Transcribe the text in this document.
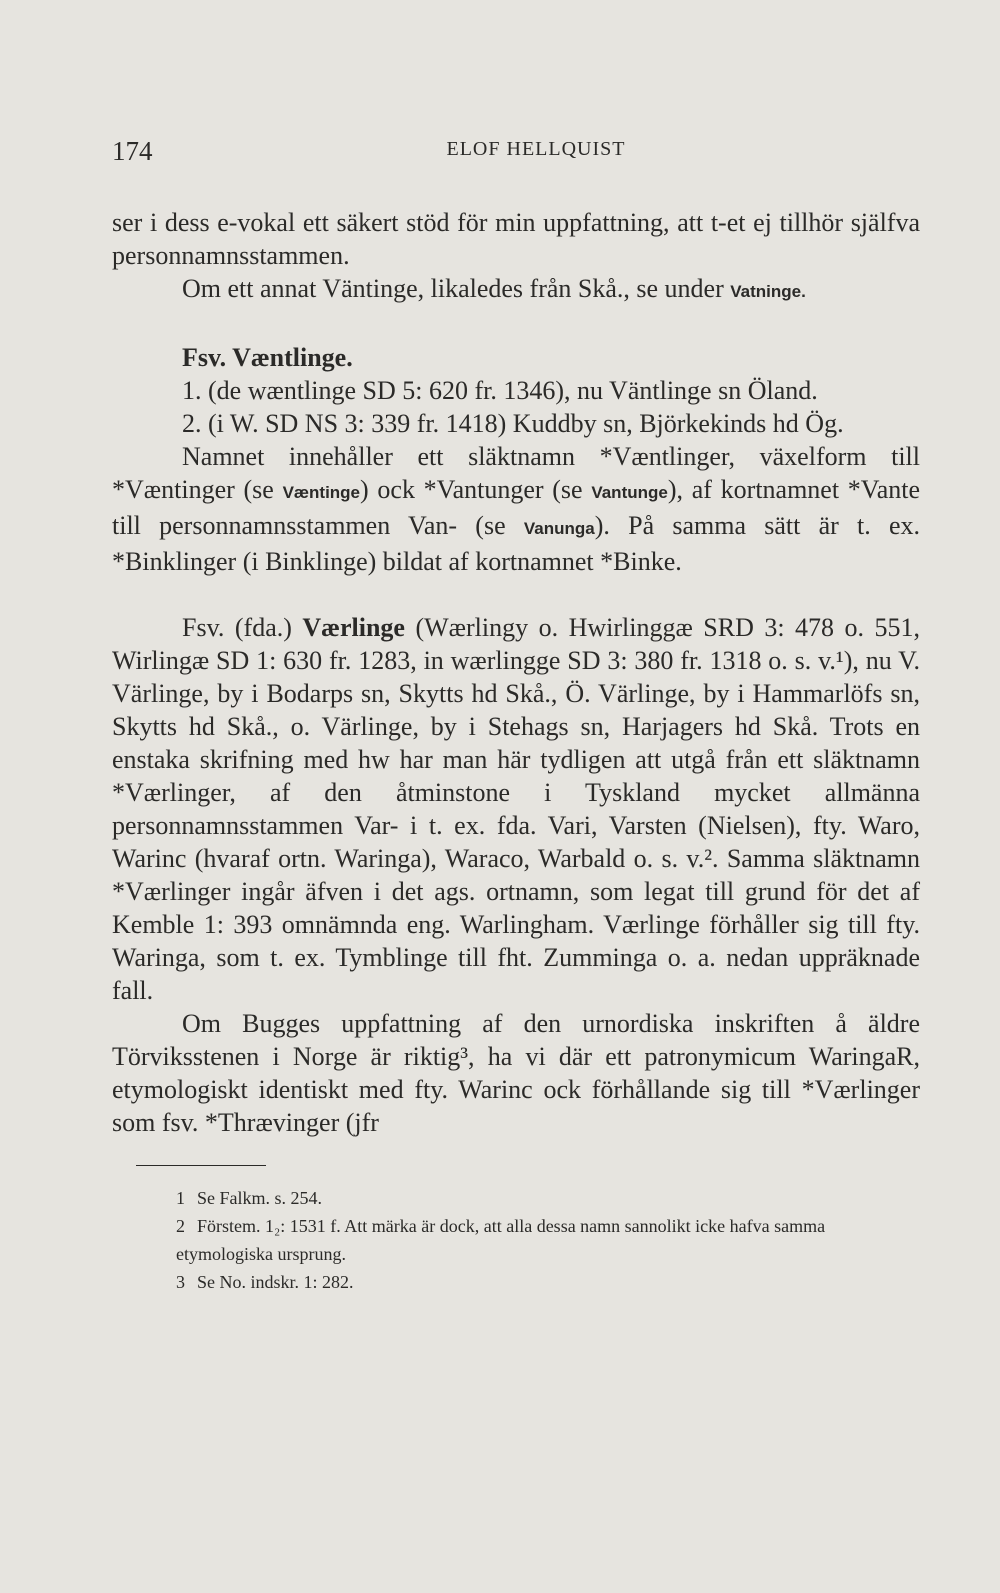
174	ELOF HELLQUIST

ser i dess e-vokal ett säkert stöd för min uppfattning, att t-et ej tillhör själfva personnamnsstammen.

Om ett annat Väntinge, likaledes från Skå., se under Vatninge.

Fsv. Væntlinge.

1. (de wæntlinge SD 5: 620 fr. 1346), nu Väntlinge sn Öland.

2. (i W. SD NS 3: 339 fr. 1418) Kuddby sn, Björkekinds hd Ög.

Namnet innehåller ett släktnamn *Væntlinger, växelform till *Væntinger (se Væntinge) ock *Vantunger (se Vantunge), af kortnamnet *Vante till personnamnsstammen Van- (se Vanunga). På samma sätt är t. ex. *Binklinger (i Binklinge) bildat af kortnamnet *Binke.

Fsv. (fda.) Værlinge (Wærlingy o. Hwirlinggæ SRD 3: 478 o. 551, Wirlingæ SD 1: 630 fr. 1283, in wærlingge SD 3: 380 fr. 1318 o. s. v.¹), nu V. Värlinge, by i Bodarps sn, Skytts hd Skå., Ö. Värlinge, by i Hammarlöfs sn, Skytts hd Skå., o. Värlinge, by i Stehags sn, Harjagers hd Skå. Trots en enstaka skrifning med hw har man här tydligen att utgå från ett släktnamn *Værlinger, af den åtminstone i Tyskland mycket allmänna personnamnsstammen Var- i t. ex. fda. Vari, Varsten (Nielsen), fty. Waro, Warinc (hvaraf ortn. Waringa), Waraco, Warbald o. s. v.². Samma släktnamn *Værlinger ingår äfven i det ags. ortnamn, som legat till grund för det af Kemble 1: 393 omnämnda eng. Warlingham. Værlinge förhåller sig till fty. Waringa, som t. ex. Tymblinge till fht. Zumminga o. a. nedan uppräknade fall.

Om Bugges uppfattning af den urnordiska inskriften å äldre Törviksstenen i Norge är riktig³, ha vi där ett patronymicum WaringaR, etymologiskt identiskt med fty. Warinc ock förhållande sig till *Værlinger som fsv. *Thrævinger (jfr

1 Se Falkm. s. 254.

2 Förstem. 1₂: 1531 f. Att märka är dock, att alla dessa namn sannolikt icke hafva samma etymologiska ursprung.

3 Se No. indskr. 1: 282.
